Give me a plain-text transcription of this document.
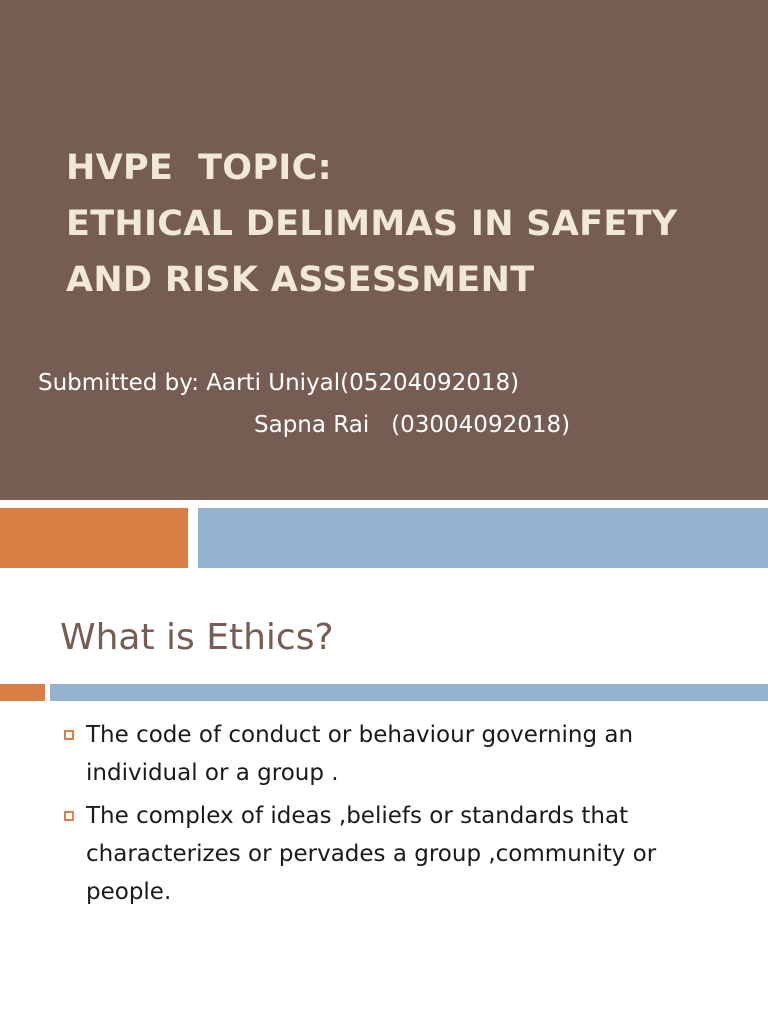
HVPE  TOPIC:
ETHICAL DELIMMAS IN SAFETY
AND RISK ASSESSMENT
Submitted by: Aarti Uniyal(05204092018)
Sapna Rai   (03004092018)
What is Ethics?
The code of conduct or behaviour governing an individual or a group .
The complex of ideas ,beliefs or standards that characterizes or pervades a group ,community or people.
